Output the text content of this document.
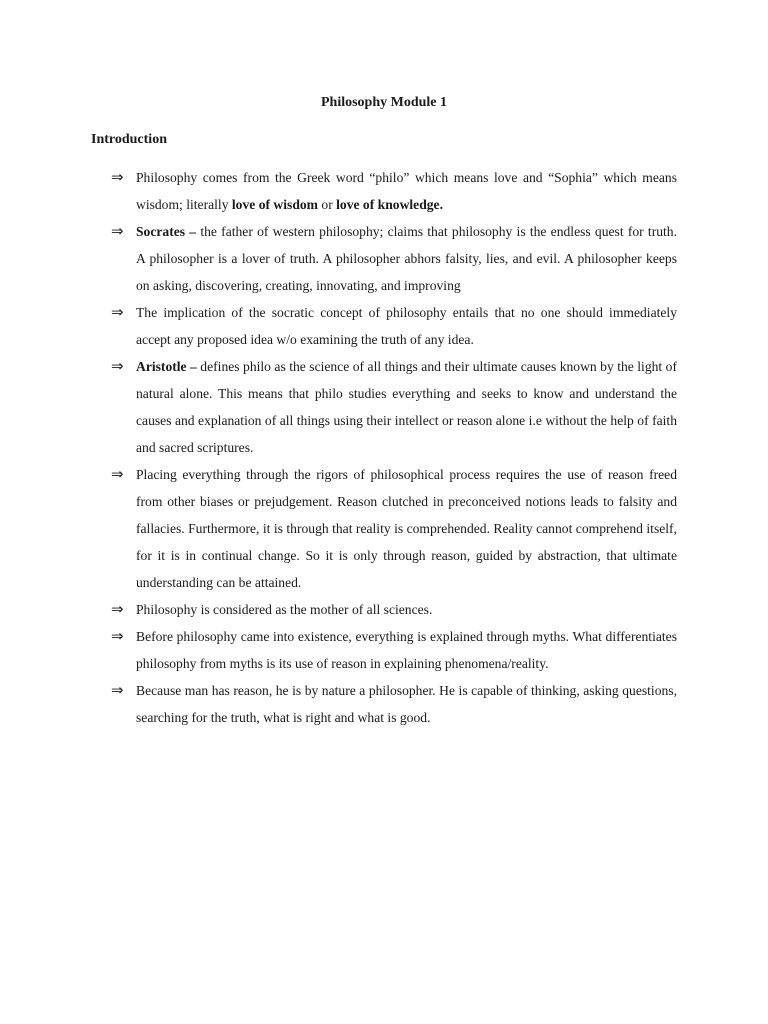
Philosophy Module 1
Introduction
⇒ Philosophy comes from the Greek word “philo” which means love and “Sophia” which means wisdom; literally love of wisdom or love of knowledge.
⇒ Socrates – the father of western philosophy; claims that philosophy is the endless quest for truth. A philosopher is a lover of truth. A philosopher abhors falsity, lies, and evil. A philosopher keeps on asking, discovering, creating, innovating, and improving
⇒ The implication of the socratic concept of philosophy entails that no one should immediately accept any proposed idea w/o examining the truth of any idea.
⇒ Aristotle – defines philo as the science of all things and their ultimate causes known by the light of natural alone. This means that philo studies everything and seeks to know and understand the causes and explanation of all things using their intellect or reason alone i.e without the help of faith and sacred scriptures.
⇒ Placing everything through the rigors of philosophical process requires the use of reason freed from other biases or prejudgement. Reason clutched in preconceived notions leads to falsity and fallacies. Furthermore, it is through that reality is comprehended. Reality cannot comprehend itself, for it is in continual change. So it is only through reason, guided by abstraction, that ultimate understanding can be attained.
⇒ Philosophy is considered as the mother of all sciences.
⇒ Before philosophy came into existence, everything is explained through myths. What differentiates philosophy from myths is its use of reason in explaining phenomena/reality.
⇒ Because man has reason, he is by nature a philosopher. He is capable of thinking, asking questions, searching for the truth, what is right and what is good.
